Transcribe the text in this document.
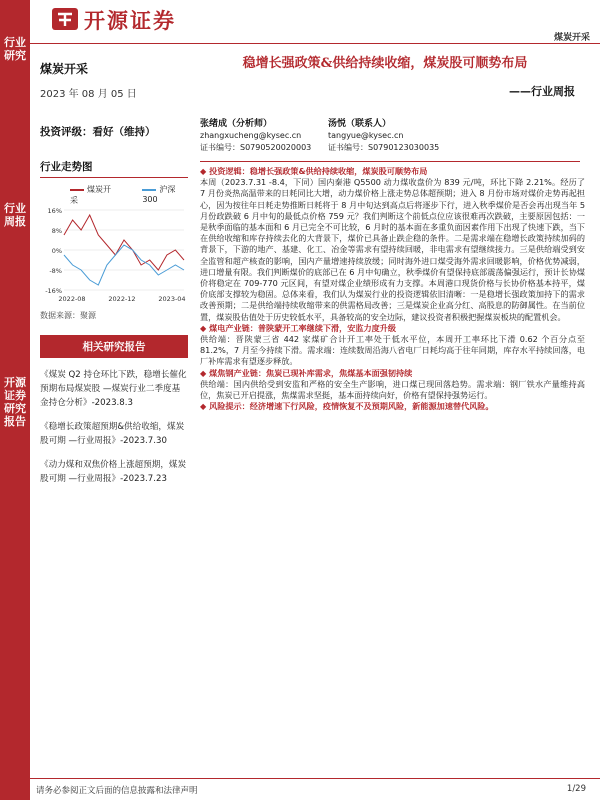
行业研究
行业周报
开源证券研究报告
开源证券
煤炭开采
煤炭开采
2023 年 08 月 05 日
投资评级：看好（维持）
行业走势图
煤炭开采
沪深300
16%
8%
0%
-8%
-16%
2022-08	2022-12	2023-04
数据来源：聚源
相关研究报告
《煤炭 Q2 持仓环比下跌，稳增长催化预期布局煤炭股 —煤炭行业二季度基金持仓分析》-2023.8.3
《稳增长政策超预期&供给收缩，煤炭股可期 —行业周报》-2023.7.30
《动力煤和双焦价格上涨超预期，煤炭股可期 —行业周报》-2023.7.23
稳增长强政策&供给持续收缩，煤炭股可顺势布局
——行业周报
张绪成（分析师）
zhangxucheng@kysec.cn
证书编号：S0790520020003
汤悦（联系人）
tangyue@kysec.cn
证书编号：S0790123030035

◆ 投资逻辑：稳增长强政策&供给持续收缩，煤炭股可顺势布局

本周（2023.7.31 -8.4，下同）国内秦港 Q5500 动力煤收盘价为 839 元/吨，环比下降 2.21%。经历了 7 月份炎热高温带来的日耗同比大增，动力煤价格上涨走势总体超预期；进入 8 月份市场对煤价走势再起担心，因为按往年日耗走势推断日耗将于 8 月中旬达到高点后将逐步下行，进入秋季煤价是否会再出现当年 5 月份政跌破 6 月中旬的最低点价格 759 元？我们判断这个前低点位应该很难再次跌破，主要原因包括：一是秋季面临的基本面和 6 月已完全不可比较，6 月时的基本面在多重负面因素作用下出现了快速下跌，当下在供给收缩和库存持续去化的大背景下，煤价已具备止跌企稳的条件。二是需求端在稳增长政策持续加码的背景下，下游的地产、基建、化工、冶金等需求有望持续回暖，非电需求有望继续接力。三是供给端受到安全监管和超产核查的影响，国内产量增速持续放缓；同时海外进口煤受海外需求回暖影响，价格优势减弱，进口增量有限。我们判断煤价的底部已在 6 月中旬确立，秋季煤价有望保持底部震荡偏强运行，预计长协煤价将稳定在 709-770 元区间，有望对煤企业绩形成有力支撑。本周港口现货价格与长协价格基本持平，煤价底部支撑较为稳固。总体来看，我们认为煤炭行业的投资逻辑依旧清晰：一是稳增长强政策加持下的需求改善预期；二是供给端持续收缩带来的供需格局改善；三是煤炭企业高分红、高股息的防御属性。在当前位置，煤炭股估值处于历史较低水平，具备较高的安全边际，建议投资者积极把握煤炭板块的配置机会。

◆ 煤电产业链：普陕蒙开工率继续下滑，安监力度升级

供给端：晋陕蒙三省 442 家煤矿合计开工率处于低水平位，本周开工率环比下滑 0.62 个百分点至 81.2%，7 月至今持续下滑。需求端：连续数周沿海八省电厂日耗均高于往年同期，库存水平持续回落，电厂补库需求有望逐步释放。

◆ 煤焦钢产业链：焦炭已现补库需求，焦煤基本面强韧持续

供给端：国内供给受到安监和严格的安全生产影响，进口煤已现回落趋势。需求端：钢厂铁水产量维持高位，焦炭已开启提涨，焦煤需求坚挺，基本面持续向好，价格有望保持强势运行。

◆ 风险提示：经济增速下行风险，疫情恢复不及预期风险，新能源加速替代风险。

请务必参阅正文后面的信息披露和法律声明	1/29
